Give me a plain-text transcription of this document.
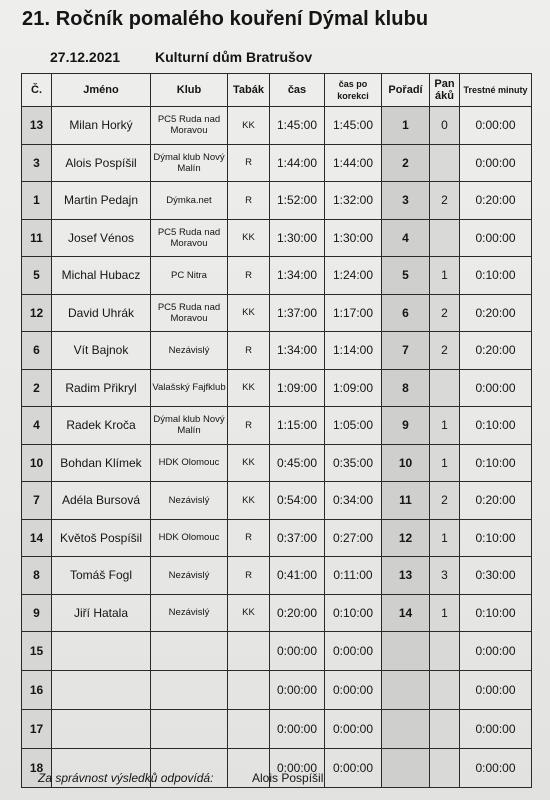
21. Ročník pomalého kouření Dýmal klubu
27.12.2021 Kulturní dům Bratrušov
Č.	Jméno	Klub	Tabák	čas	čas po korekci	Pořadí	Pan áků	Trestné minuty
13	Milan Horký	PC5 Ruda nad Moravou	KK	1:45:00	1:45:00	1	0	0:00:00
3	Alois Pospíšil	Dýmal klub Nový Malín	R	1:44:00	1:44:00	2		0:00:00
1	Martin Pedajn	Dýmka.net	R	1:52:00	1:32:00	3	2	0:20:00
11	Josef Vénos	PC5 Ruda nad Moravou	KK	1:30:00	1:30:00	4		0:00:00
5	Michal Hubacz	PC Nitra	R	1:34:00	1:24:00	5	1	0:10:00
12	David Uhrák	PC5 Ruda nad Moravou	KK	1:37:00	1:17:00	6	2	0:20:00
6	Vít Bajnok	Nezávislý	R	1:34:00	1:14:00	7	2	0:20:00
2	Radim Přikryl	Valašský Fajfklub	KK	1:09:00	1:09:00	8		0:00:00
4	Radek Kroča	Dýmal klub Nový Malín	R	1:15:00	1:05:00	9	1	0:10:00
10	Bohdan Klímek	HDK Olomouc	KK	0:45:00	0:35:00	10	1	0:10:00
7	Adéla Bursová	Nezávislý	KK	0:54:00	0:34:00	11	2	0:20:00
14	Květoš Pospíšil	HDK Olomouc	R	0:37:00	0:27:00	12	1	0:10:00
8	Tomáš Fogl	Nezávislý	R	0:41:00	0:11:00	13	3	0:30:00
9	Jiří Hatala	Nezávislý	KK	0:20:00	0:10:00	14	1	0:10:00
15				0:00:00	0:00:00			0:00:00
16				0:00:00	0:00:00			0:00:00
17				0:00:00	0:00:00			0:00:00
18				0:00:00	0:00:00			0:00:00
Za správnost výsledků odpovídá:	Alois Pospíšil
